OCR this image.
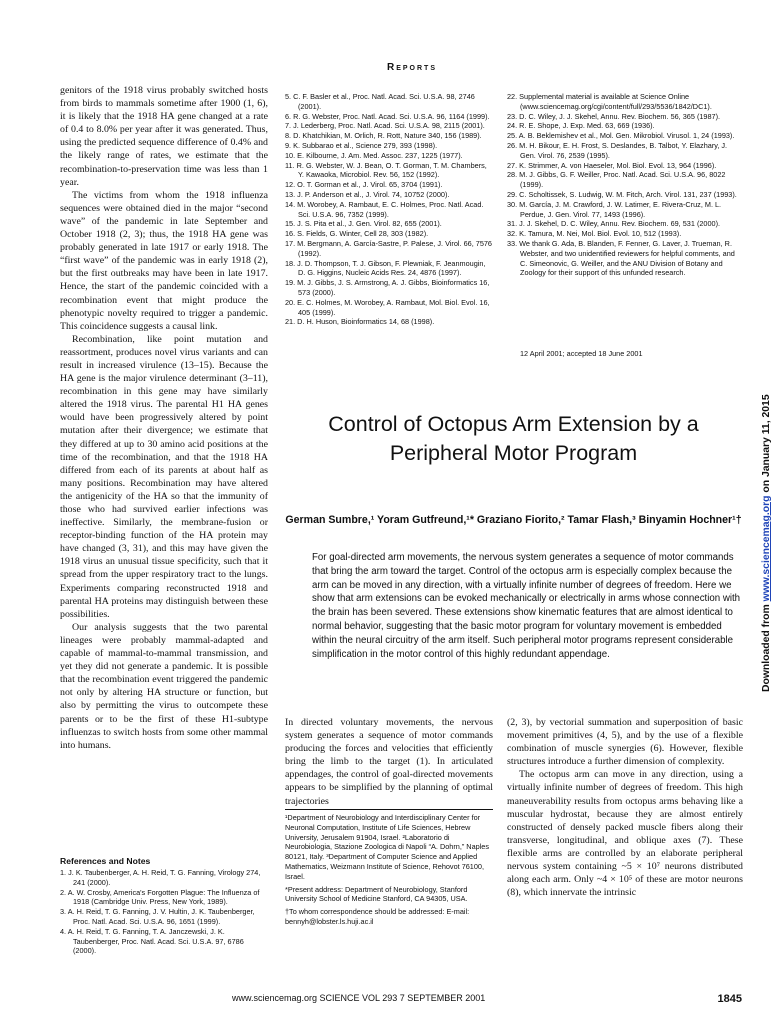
Reports

genitors of the 1918 virus probably switched hosts from birds to mammals sometime after 1900 (1, 6), it is likely that the 1918 HA gene changed at a rate of 0.4 to 8.0% per year after it was generated. Thus, using the predicted sequence difference of 0.4% and the likely range of rates, we estimate that the recombination-to-preservation time was less than 1 year.

The victims from whom the 1918 influenza sequences were obtained died in the major “second wave” of the pandemic in late September and October 1918 (2, 3); thus, the 1918 HA gene was probably generated in late 1917 or early 1918. The “first wave” of the pandemic was in early 1918 (2), but the first outbreaks may have been in late 1917. Hence, the start of the pandemic coincided with a recombination event that might produce the phenotypic novelty required to trigger a pandemic. This coincidence suggests a causal link.

Recombination, like point mutation and reassortment, produces novel virus variants and can result in increased virulence (13–15). Because the HA gene is the major virulence determinant (3–11), recombination in this gene may have similarly altered the 1918 virus. The parental H1 HA genes would have been progressively altered by point mutation after their divergence; we estimate that they differed at up to 30 amino acid positions at the time of the recombination, and that the 1918 HA differed from each of its parents at about half as many positions. Recombination may have altered the antigenicity of the HA so that the immunity of those who had survived earlier infections was ineffective. Similarly, the membrane-fusion or receptor-binding function of the HA protein may have changed (3, 31), and this may have given the 1918 virus an unusual tissue specificity, such that it spread from the upper respiratory tract to the lungs. Experiments comparing reconstructed 1918 and parental HA proteins may distinguish between these possibilities.

Our analysis suggests that the two parental lineages were probably mammal-adapted and capable of mammal-to-mammal transmission, and yet they did not generate a pandemic. It is possible that the recombination event triggered the pandemic not only by altering HA structure or function, but also by permitting the virus to outcompete these parents or to be the first of these H1-subtype influenzas to switch hosts from some other mammal into humans.

References and Notes
1. J. K. Taubenberger, A. H. Reid, T. G. Fanning, Virology 274, 241 (2000).
2. A. W. Crosby, America's Forgotten Plague: The Influenza of 1918 (Cambridge Univ. Press, New York, 1989).
3. A. H. Reid, T. G. Fanning, J. V. Hultin, J. K. Taubenberger, Proc. Natl. Acad. Sci. U.S.A. 96, 1651 (1999).
4. A. H. Reid, T. G. Fanning, T. A. Janczewski, J. K. Taubenberger, Proc. Natl. Acad. Sci. U.S.A. 97, 6786 (2000).
5. C. F. Basler et al., Proc. Natl. Acad. Sci. U.S.A. 98, 2746 (2001).
6. R. G. Webster, Proc. Natl. Acad. Sci. U.S.A. 96, 1164 (1999).
7. J. Lederberg, Proc. Natl. Acad. Sci. U.S.A. 98, 2115 (2001).
8. D. Khatchikian, M. Orlich, R. Rott, Nature 340, 156 (1989).
9. K. Subbarao et al., Science 279, 393 (1998).
10. E. Kilbourne, J. Am. Med. Assoc. 237, 1225 (1977).
11. R. G. Webster, W. J. Bean, O. T. Gorman, T. M. Chambers, Y. Kawaoka, Microbiol. Rev. 56, 152 (1992).
12. O. T. Gorman et al., J. Virol. 65, 3704 (1991).
13. J. P. Anderson et al., J. Virol. 74, 10752 (2000).
14. M. Worobey, A. Rambaut, E. C. Holmes, Proc. Natl. Acad. Sci. U.S.A. 96, 7352 (1999).
15. J. S. Pita et al., J. Gen. Virol. 82, 655 (2001).
16. S. Fields, G. Winter, Cell 28, 303 (1982).
17. M. Bergmann, A. García-Sastre, P. Palese, J. Virol. 66, 7576 (1992).
18. J. D. Thompson, T. J. Gibson, F. Plewniak, F. Jeanmougin, D. G. Higgins, Nucleic Acids Res. 24, 4876 (1997).
19. M. J. Gibbs, J. S. Armstrong, A. J. Gibbs, Bioinformatics 16, 573 (2000).
20. E. C. Holmes, M. Worobey, A. Rambaut, Mol. Biol. Evol. 16, 405 (1999).
21. D. H. Huson, Bioinformatics 14, 68 (1998).
22. Supplemental material is available at Science Online (www.sciencemag.org/cgi/content/full/293/5536/1842/DC1).
23. D. C. Wiley, J. J. Skehel, Annu. Rev. Biochem. 56, 365 (1987).
24. R. E. Shope, J. Exp. Med. 63, 669 (1936).
25. A. B. Beklemishev et al., Mol. Gen. Mikrobiol. Virusol. 1, 24 (1993).
26. M. H. Bikour, E. H. Frost, S. Deslandes, B. Talbot, Y. Elazhary, J. Gen. Virol. 76, 2539 (1995).
27. K. Strimmer, A. von Haeseler, Mol. Biol. Evol. 13, 964 (1996).
28. M. J. Gibbs, G. F. Weiller, Proc. Natl. Acad. Sci. U.S.A. 96, 8022 (1999).
29. C. Scholtissek, S. Ludwig, W. M. Fitch, Arch. Virol. 131, 237 (1993).
30. M. García, J. M. Crawford, J. W. Latimer, E. Rivera-Cruz, M. L. Perdue, J. Gen. Virol. 77, 1493 (1996).
31. J. J. Skehel, D. C. Wiley, Annu. Rev. Biochem. 69, 531 (2000).
32. K. Tamura, M. Nei, Mol. Biol. Evol. 10, 512 (1993).
33. We thank G. Ada, B. Blanden, F. Fenner, G. Laver, J. Trueman, R. Webster, and two unidentified reviewers for helpful comments, and C. Simeonovic, G. Weiller, and the ANU Division of Botany and Zoology for their support of this unfunded research.
12 April 2001; accepted 18 June 2001
Control of Octopus Arm Extension by a Peripheral Motor Program
German Sumbre,¹ Yoram Gutfreund,¹* Graziano Fiorito,² Tamar Flash,³ Binyamin Hochner¹†
For goal-directed arm movements, the nervous system generates a sequence of motor commands that bring the arm toward the target. Control of the octopus arm is especially complex because the arm can be moved in any direction, with a virtually infinite number of degrees of freedom. Here we show that arm extensions can be evoked mechanically or electrically in arms whose connection with the brain has been severed. These extensions show kinematic features that are almost identical to normal behavior, suggesting that the basic motor program for voluntary movement is embedded within the neural circuitry of the arm itself. Such peripheral motor programs represent considerable simplification in the motor control of this highly redundant appendage.

In directed voluntary movements, the nervous system generates a sequence of motor commands producing the forces and velocities that efficiently bring the limb to the target (1). In articulated appendages, the control of goal-directed movements appears to be simplified by the planning of optimal trajectories

¹Department of Neurobiology and Interdisciplinary Center for Neuronal Computation, Institute of Life Sciences, Hebrew University, Jerusalem 91904, Israel. ²Laboratorio di Neurobiologia, Stazione Zoologica di Napoli “A. Dohrn,” Naples 80121, Italy. ³Department of Computer Science and Applied Mathematics, Weizmann Institute of Science, Rehovot 76100, Israel.

*Present address: Department of Neurobiology, Stanford University School of Medicine Stanford, CA 94305, USA.

†To whom correspondence should be addressed: E-mail: bennyh@lobster.ls.huji.ac.il

(2, 3), by vectorial summation and superposition of basic movement primitives (4, 5), and by the use of a flexible combination of muscle synergies (6). However, flexible structures introduce a further dimension of complexity.

The octopus arm can move in any direction, using a virtually infinite number of degrees of freedom. This high maneuverability results from octopus arms behaving like a muscular hydrostat, because they are almost entirely constructed of densely packed muscle fibers along their transverse, longitudinal, and oblique axes (7). These flexible arms are controlled by an elaborate peripheral nervous system containing ~5 × 10⁷ neurons distributed along each arm. Only ~4 × 10⁵ of these are motor neurons (8), which innervate the intrinsic

www.sciencemag.org SCIENCE VOL 293 7 SEPTEMBER 2001	1845
Downloaded from www.sciencemag.org on January 11, 2015
